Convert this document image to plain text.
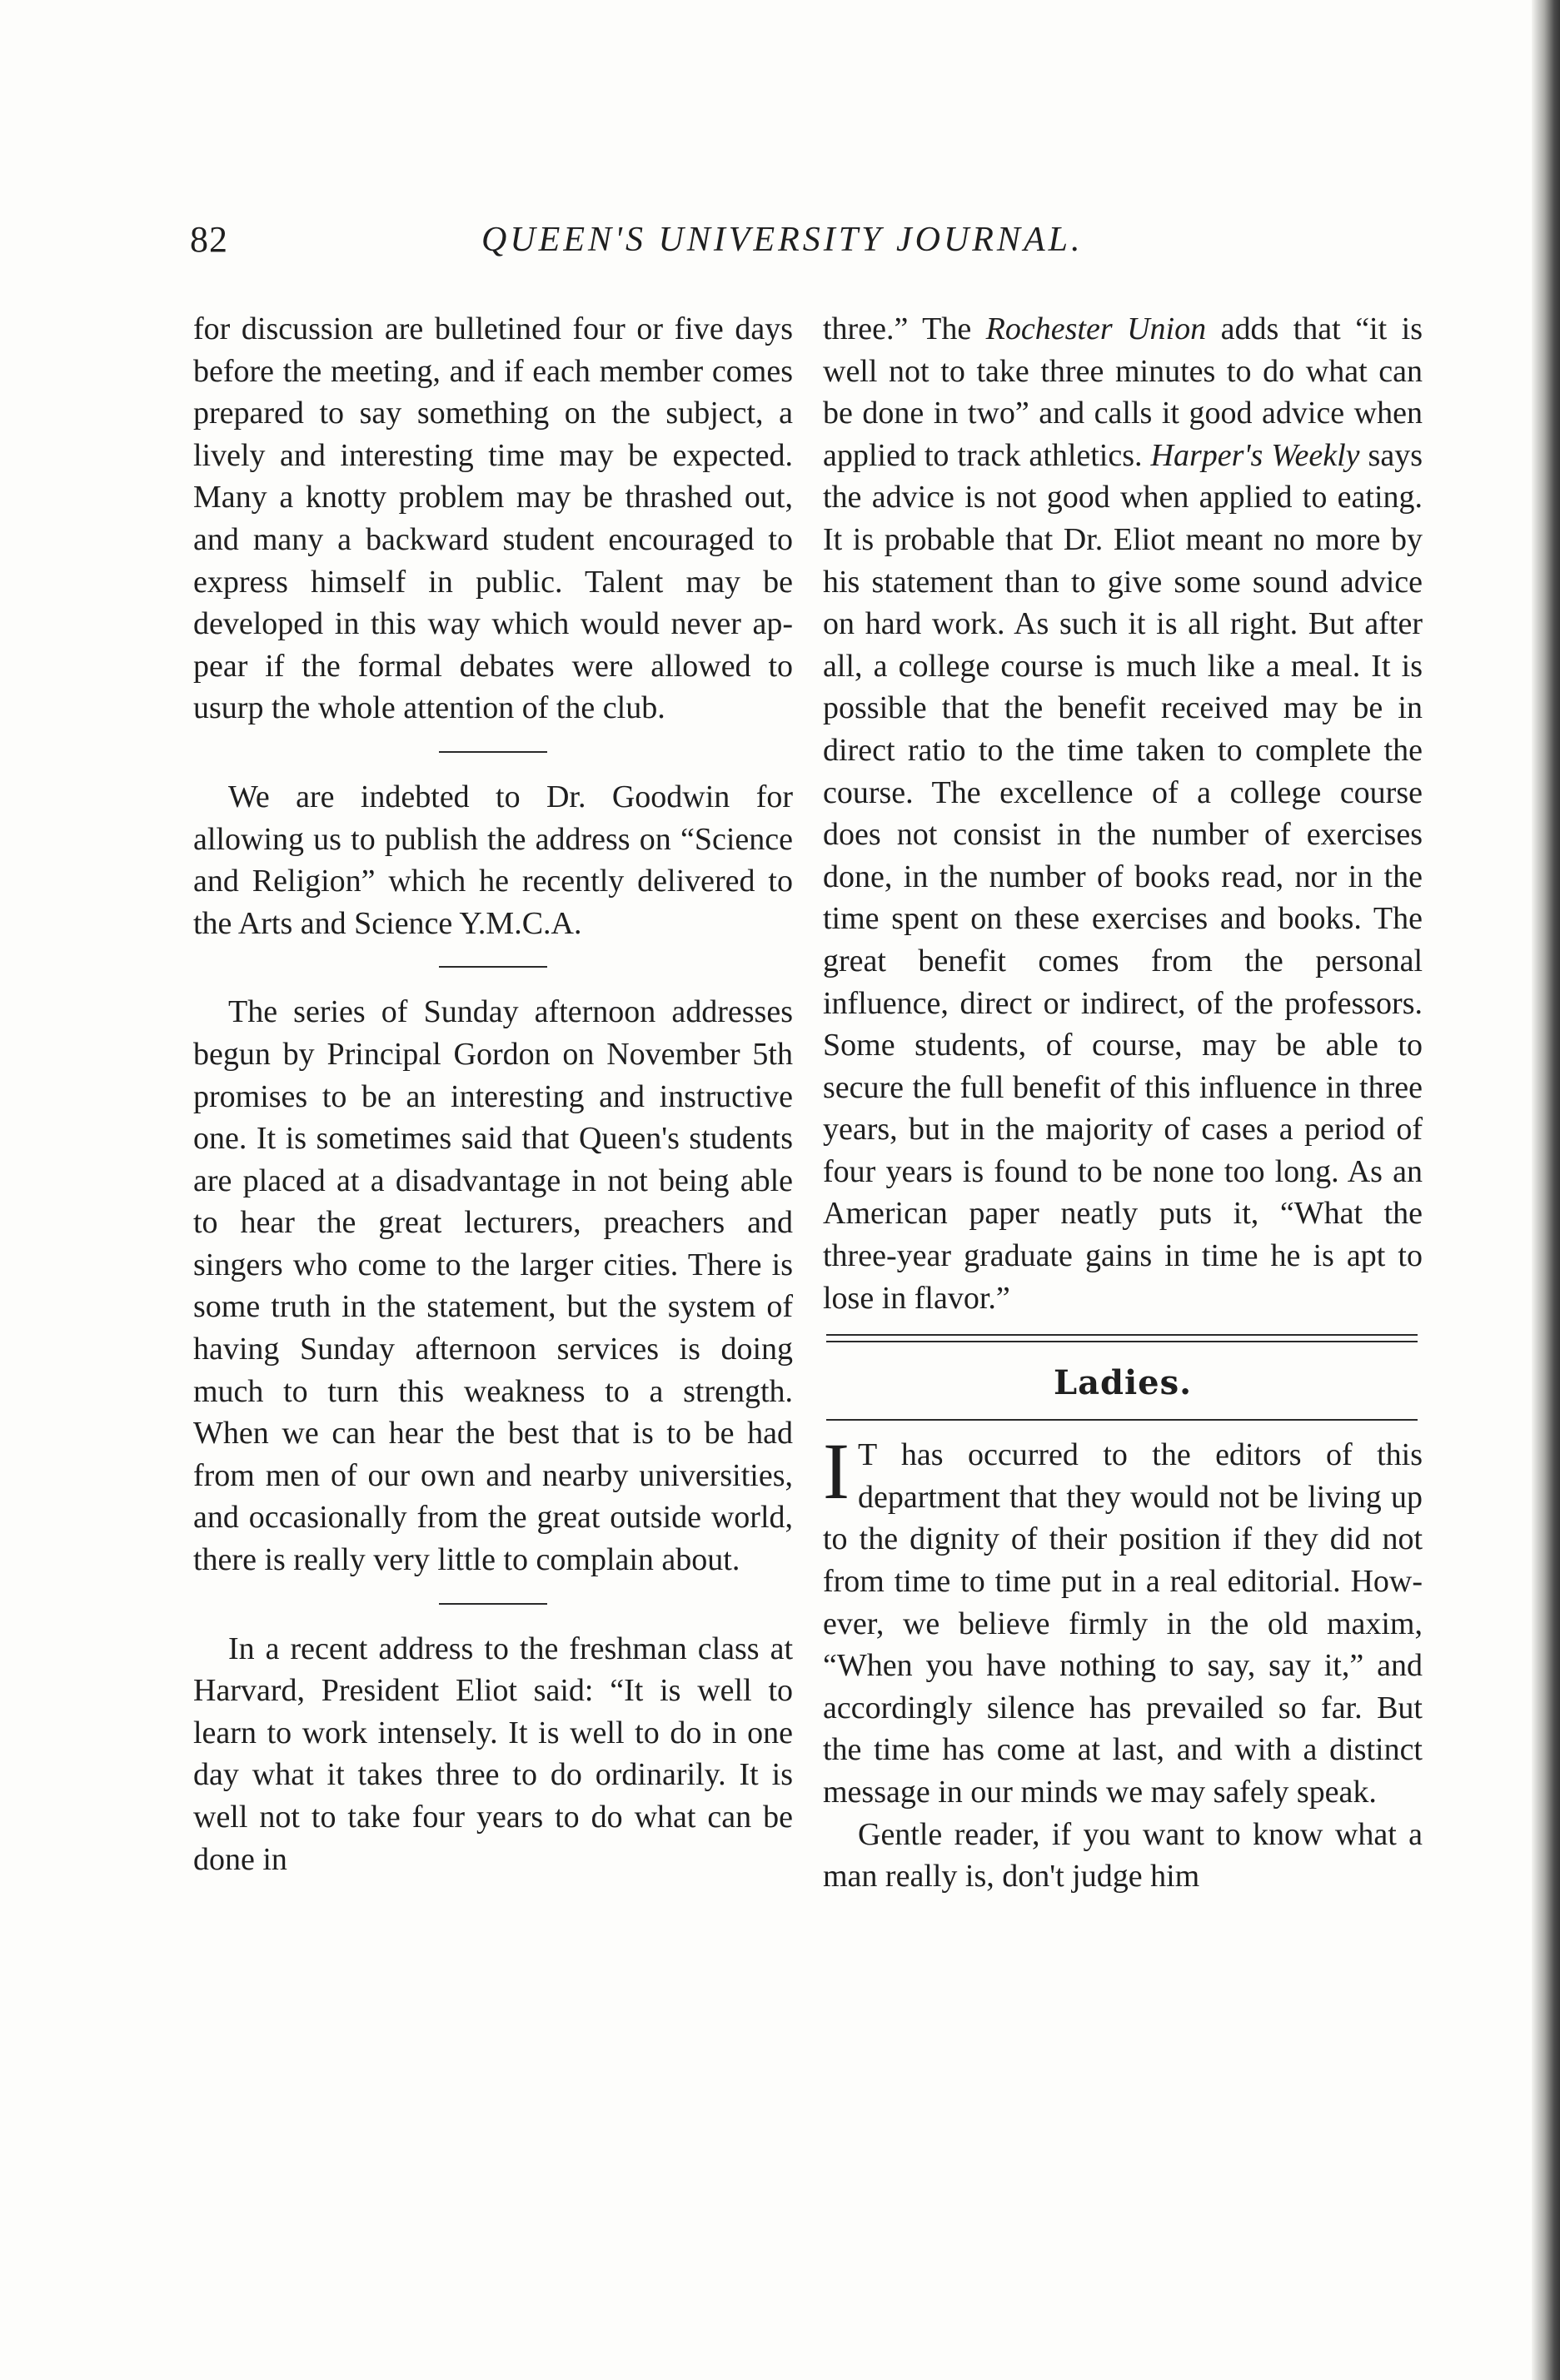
82	QUEEN'S UNIVERSITY JOURNAL.

for discussion are bulletined four or five days before the meeting, and if each member comes prepared to say something on the subject, a lively and interesting time may be expected. Many a knotty problem may be thrashed out, and many a backward student encouraged to express himself in public. Talent may be developed in this way which would never appear if the formal debates were allowed to usurp the whole attention of the club.

We are indebted to Dr. Goodwin for allowing us to publish the address on “Science and Religion” which he recently delivered to the Arts and Science Y.M.C.A.

The series of Sunday afternoon addresses begun by Principal Gordon on November 5th promises to be an interesting and instructive one. It is sometimes said that Queen's students are placed at a disadvantage in not being able to hear the great lecturers, preachers and singers who come to the larger cities. There is some truth in the statement, but the system of having Sunday afternoon services is doing much to turn this weakness to a strength. When we can hear the best that is to be had from men of our own and nearby universities, and occasionally from the great outside world, there is really very little to complain about.

In a recent address to the freshman class at Harvard, President Eliot said: “It is well to learn to work intensely. It is well to do in one day what it takes three to do ordinarily. It is well not to take four years to do what can be done in

three.” The Rochester Union adds that “it is well not to take three minutes to do what can be done in two” and calls it good advice when applied to track athletics. Harper's Weekly says the advice is not good when applied to eating. It is probable that Dr. Eliot meant no more by his statement than to give some sound advice on hard work. As such it is all right. But after all, a college course is much like a meal. It is possible that the benefit received may be in direct ratio to the time taken to complete the course. The excellence of a college course does not consist in the number of exercises done, in the number of books read, nor in the time spent on these exercises and books. The great benefit comes from the personal influence, direct or indirect, of the professors. Some students, of course, may be able to secure the full benefit of this influence in three years, but in the majority of cases a period of four years is found to be none too long. As an American paper neatly puts it, “What the three-year graduate gains in time he is apt to lose in flavor.”

Ladies.

IT has occurred to the editors of this department that they would not be living up to the dignity of their position if they did not from time to time put in a real editorial. However, we believe firmly in the old maxim, “When you have nothing to say, say it,” and accordingly silence has prevailed so far. But the time has come at last, and with a distinct message in our minds we may safely speak.

Gentle reader, if you want to know what a man really is, don't judge him
